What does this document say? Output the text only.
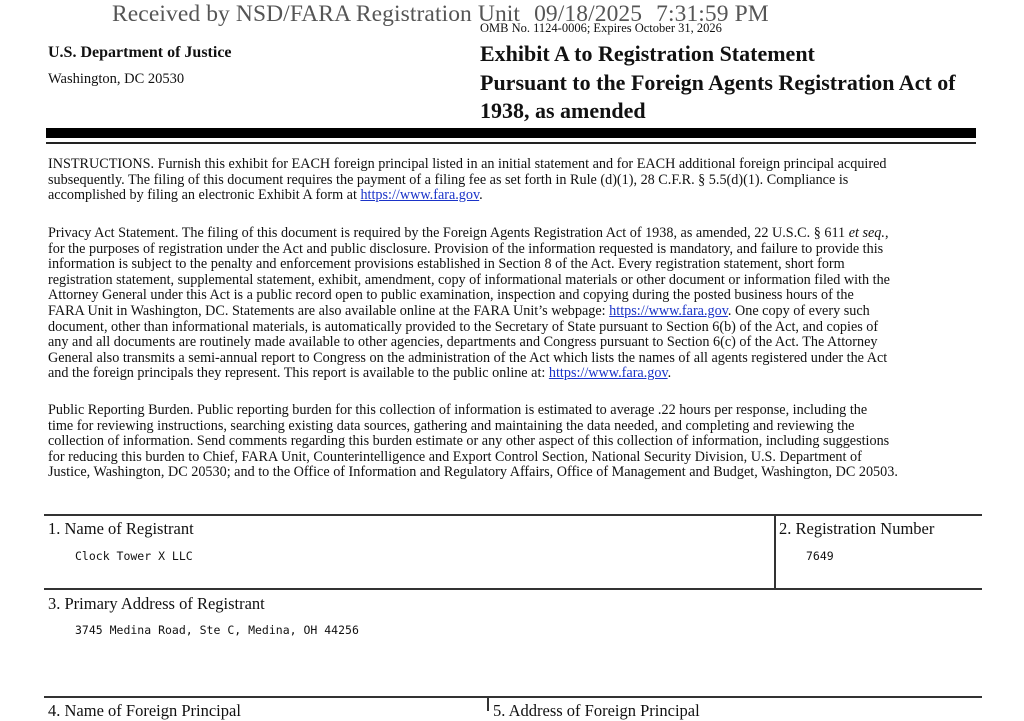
Received by NSD/FARA Registration Unit 09/18/2025 7:31:59 PM
OMB No. 1124-0006; Expires October 31, 2026
U.S. Department of Justice
Washington, DC 20530
Exhibit A to Registration Statement
Pursuant to the Foreign Agents Registration Act of
1938, as amended
INSTRUCTIONS. Furnish this exhibit for EACH foreign principal listed in an initial statement and for EACH additional foreign principal acquired
subsequently. The filing of this document requires the payment of a filing fee as set forth in Rule (d)(1), 28 C.F.R. § 5.5(d)(1). Compliance is
accomplished by filing an electronic Exhibit A form at https://www.fara.gov.
Privacy Act Statement. The filing of this document is required by the Foreign Agents Registration Act of 1938, as amended, 22 U.S.C. § 611 et seq.,
for the purposes of registration under the Act and public disclosure. Provision of the information requested is mandatory, and failure to provide this
information is subject to the penalty and enforcement provisions established in Section 8 of the Act. Every registration statement, short form
registration statement, supplemental statement, exhibit, amendment, copy of informational materials or other document or information filed with the
Attorney General under this Act is a public record open to public examination, inspection and copying during the posted business hours of the
FARA Unit in Washington, DC. Statements are also available online at the FARA Unit’s webpage: https://www.fara.gov. One copy of every such
document, other than informational materials, is automatically provided to the Secretary of State pursuant to Section 6(b) of the Act, and copies of
any and all documents are routinely made available to other agencies, departments and Congress pursuant to Section 6(c) of the Act. The Attorney
General also transmits a semi-annual report to Congress on the administration of the Act which lists the names of all agents registered under the Act
and the foreign principals they represent. This report is available to the public online at: https://www.fara.gov.
Public Reporting Burden. Public reporting burden for this collection of information is estimated to average .22 hours per response, including the
time for reviewing instructions, searching existing data sources, gathering and maintaining the data needed, and completing and reviewing the
collection of information. Send comments regarding this burden estimate or any other aspect of this collection of information, including suggestions
for reducing this burden to Chief, FARA Unit, Counterintelligence and Export Control Section, National Security Division, U.S. Department of
Justice, Washington, DC 20530; and to the Office of Information and Regulatory Affairs, Office of Management and Budget, Washington, DC 20503.
1. Name of Registrant
Clock Tower X LLC
2. Registration Number
7649
3. Primary Address of Registrant
3745 Medina Road, Ste C, Medina, OH 44256
4. Name of Foreign Principal	5. Address of Foreign Principal
